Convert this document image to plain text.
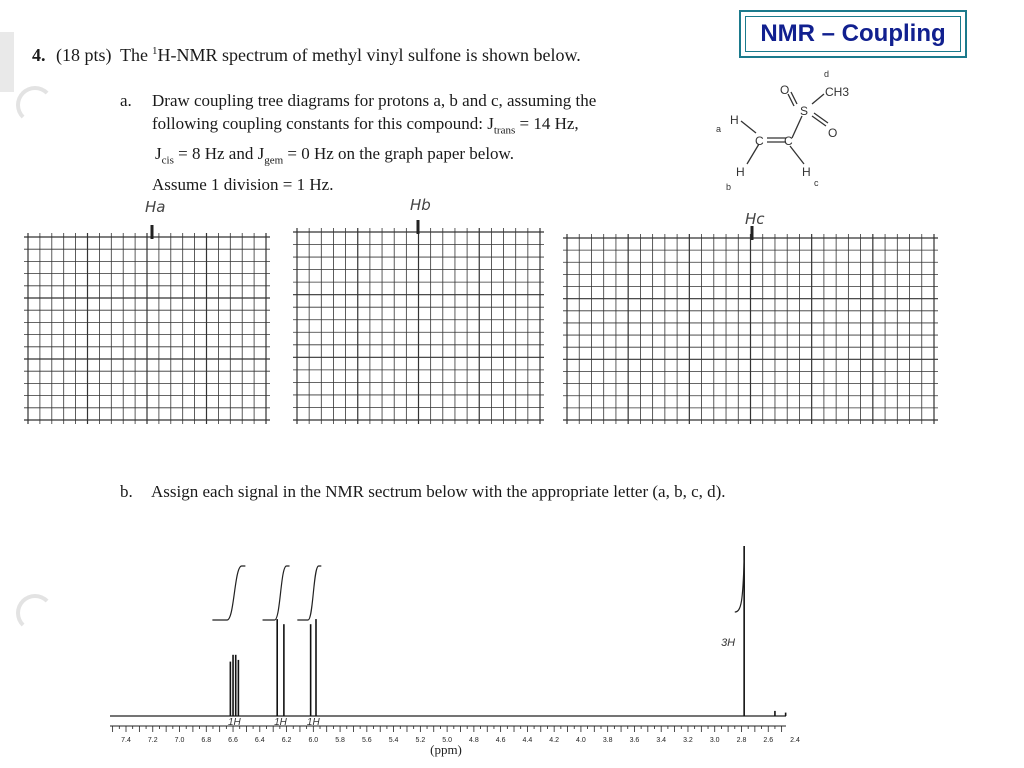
NMR – Coupling
4. (18 pts) The $^1$H-NMR spectrum of methyl vinyl sulfone is shown below.
a. Draw coupling tree diagrams for protons a, b and c, assuming the
following coupling constants for this compound: $J_{trans} = 14$ Hz,
$J_{cis} = 8$ Hz and $J_{gem} = 0$ Hz on the graph paper below.
Assume 1 division = 1 Hz.
d
CH3
O
S
O
C C
H
a
H
b
H
c
Ha	Hb
Hc
b. Assign each signal in the NMR sectrum below with the appropriate letter (a, b, c, d).
1H	1H 1H
3H
7.4 7.2 7.0 6.8 6.6 6.4 6.2 6.0 5.8 5.6 5.4 5.2 5.0 4.8 4.6 4.4 4.2 4.0 3.8 3.6 3.4 3.2 3.0 2.8 2.6 2.4
(ppm)
